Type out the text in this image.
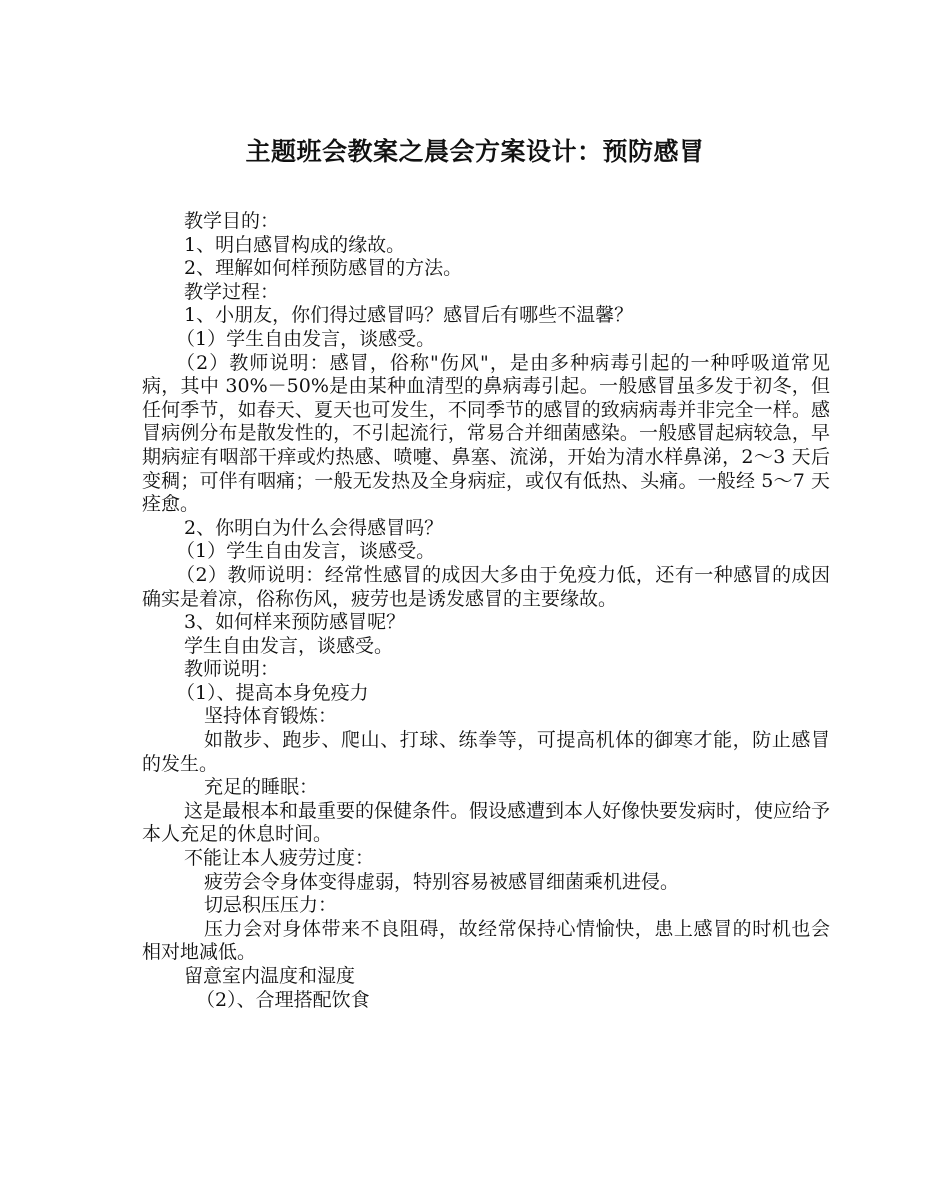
主题班会教案之晨会方案设计：预防感冒

教学目的：

1、明白感冒构成的缘故。

2、理解如何样预防感冒的方法。

教学过程：

1、小朋友，你们得过感冒吗？感冒后有哪些不温馨？

（1）学生自由发言，谈感受。

（2）教师说明：感冒，俗称"伤风"，是由多种病毒引起的一种呼吸道常见病，其中 30%－50%是由某种血清型的鼻病毒引起。一般感冒虽多发于初冬，但任何季节，如春天、夏天也可发生，不同季节的感冒的致病病毒并非完全一样。感冒病例分布是散发性的，不引起流行，常易合并细菌感染。一般感冒起病较急，早期病症有咽部干痒或灼热感、喷嚏、鼻塞、流涕，开始为清水样鼻涕，2～3 天后变稠；可伴有咽痛；一般无发热及全身病症，或仅有低热、头痛。一般经 5～7 天痊愈。

2、你明白为什么会得感冒吗？

（1）学生自由发言，谈感受。

（2）教师说明：经常性感冒的成因大多由于免疫力低，还有一种感冒的成因确实是着凉，俗称伤风，疲劳也是诱发感冒的主要缘故。

3、如何样来预防感冒呢？

学生自由发言，谈感受。

教师说明：

（1）、提高本身免疫力

坚持体育锻炼：

如散步、跑步、爬山、打球、练拳等，可提高机体的御寒才能，防止感冒的发生。

充足的睡眠：

这是最根本和最重要的保健条件。假设感遭到本人好像快要发病时，使应给予本人充足的休息时间。

不能让本人疲劳过度：

疲劳会令身体变得虚弱，特别容易被感冒细菌乘机进侵。

切忌积压压力：

压力会对身体带来不良阻碍，故经常保持心情愉快，患上感冒的时机也会相对地减低。

留意室内温度和湿度

（2）、合理搭配饮食
